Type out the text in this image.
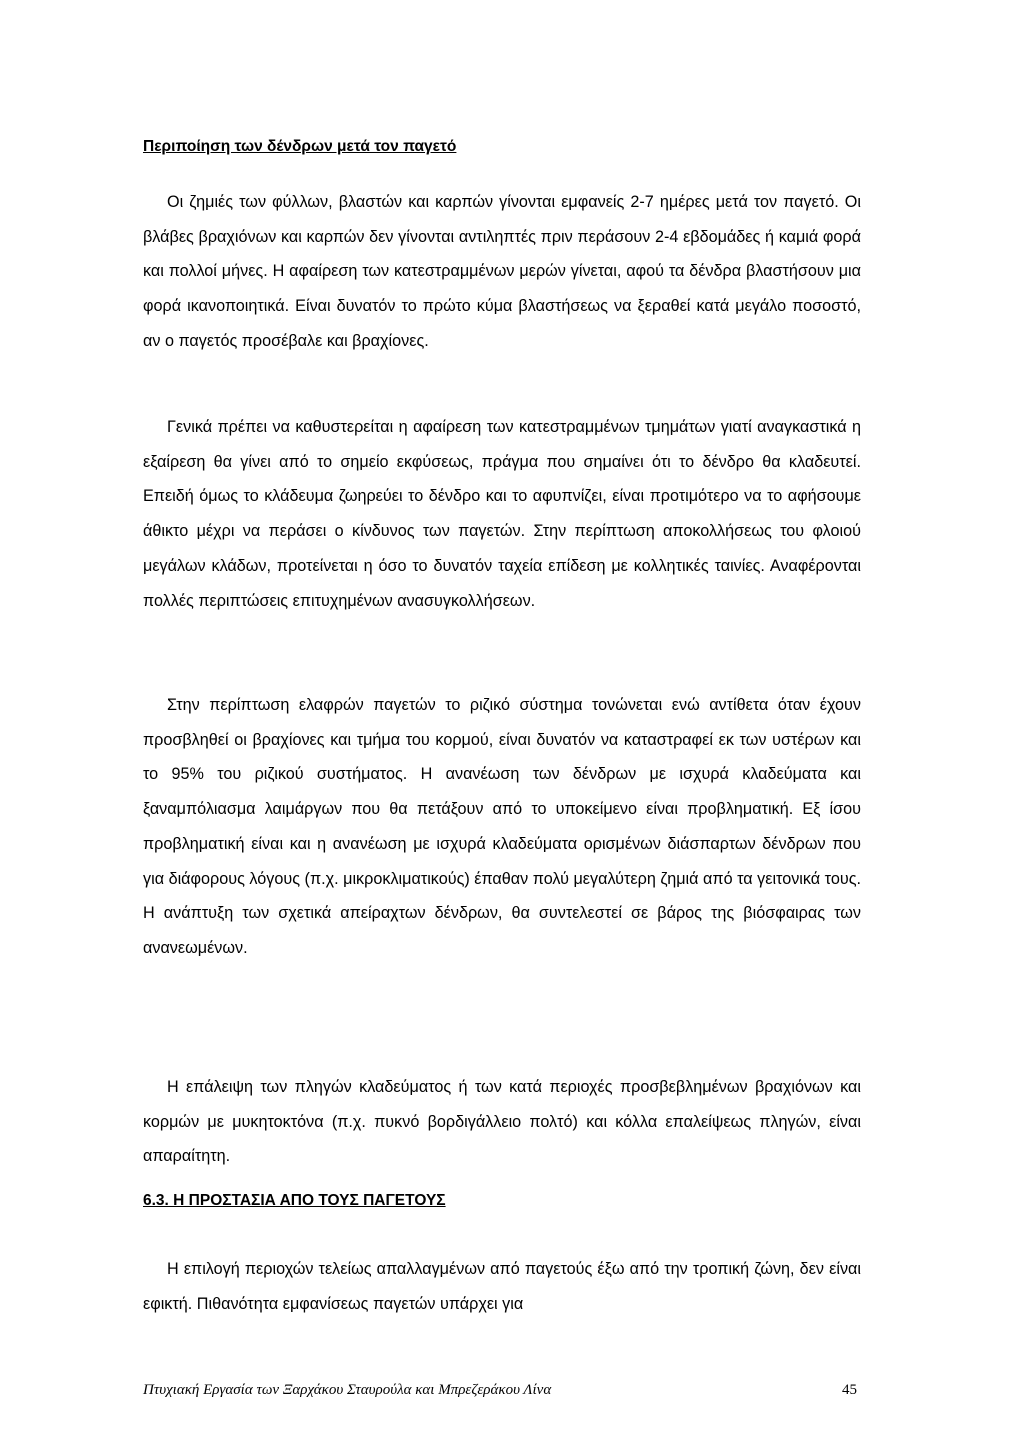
Περιποίηση των δένδρων μετά τον παγετό

Οι ζημιές των φύλλων, βλαστών και καρπών γίνονται εμφανείς 2-7 ημέρες μετά τον παγετό. Οι βλάβες βραχιόνων και καρπών δεν γίνονται αντιληπτές πριν περάσουν 2-4 εβδομάδες ή καμιά φορά και πολλοί μήνες. Η αφαίρεση των κατεστραμμένων μερών γίνεται, αφού τα δένδρα βλαστήσουν μια φορά ικανοποιητικά. Είναι δυνατόν το πρώτο κύμα βλαστήσεως να ξεραθεί κατά μεγάλο ποσοστό, αν ο παγετός προσέβαλε και βραχίονες.

Γενικά πρέπει να καθυστερείται η αφαίρεση των κατεστραμμένων τμημάτων γιατί αναγκαστικά η εξαίρεση θα γίνει από το σημείο εκφύσεως, πράγμα που σημαίνει ότι το δένδρο θα κλαδευτεί. Επειδή όμως το κλάδευμα ζωηρεύει το δένδρο και το αφυπνίζει, είναι προτιμότερο να το αφήσουμε άθικτο μέχρι να περάσει ο κίνδυνος των παγετών. Στην περίπτωση αποκολλήσεως του φλοιού μεγάλων κλάδων, προτείνεται η όσο το δυνατόν ταχεία επίδεση με κολλητικές ταινίες. Αναφέρονται πολλές περιπτώσεις επιτυχημένων ανασυγκολλήσεων.

Στην περίπτωση ελαφρών παγετών το ριζικό σύστημα τονώνεται ενώ αντίθετα όταν έχουν προσβληθεί οι βραχίονες και τμήμα του κορμού, είναι δυνατόν να καταστραφεί εκ των υστέρων και το 95% του ριζικού συστήματος. Η ανανέωση των δένδρων με ισχυρά κλαδεύματα και ξαναμπόλιασμα λαιμάργων που θα πετάξουν από το υποκείμενο είναι προβληματική. Εξ ίσου προβληματική είναι και η ανανέωση με ισχυρά κλαδεύματα ορισμένων διάσπαρτων δένδρων που για διάφορους λόγους (π.χ. μικροκλιματικούς) έπαθαν πολύ μεγαλύτερη ζημιά από τα γειτονικά τους. Η ανάπτυξη των σχετικά απείραχτων δένδρων, θα συντελεστεί σε βάρος της βιόσφαιρας των ανανεωμένων.

Η επάλειψη των πληγών κλαδεύματος ή των κατά περιοχές προσβεβλημένων βραχιόνων και κορμών με μυκητοκτόνα (π.χ. πυκνό βορδιγάλλειο πολτό) και κόλλα επαλείψεως πληγών, είναι απαραίτητη.

6.3. Η ΠΡΟΣΤΑΣΙΑ ΑΠΟ ΤΟΥΣ ΠΑΓΕΤΟΥΣ

Η επιλογή περιοχών τελείως απαλλαγμένων από παγετούς έξω από την τροπική ζώνη, δεν είναι εφικτή. Πιθανότητα εμφανίσεως παγετών υπάρχει για

Πτυχιακή Εργασία των Ξαρχάκου Σταυρούλα και Μπρεζεράκου Λίνα	45
